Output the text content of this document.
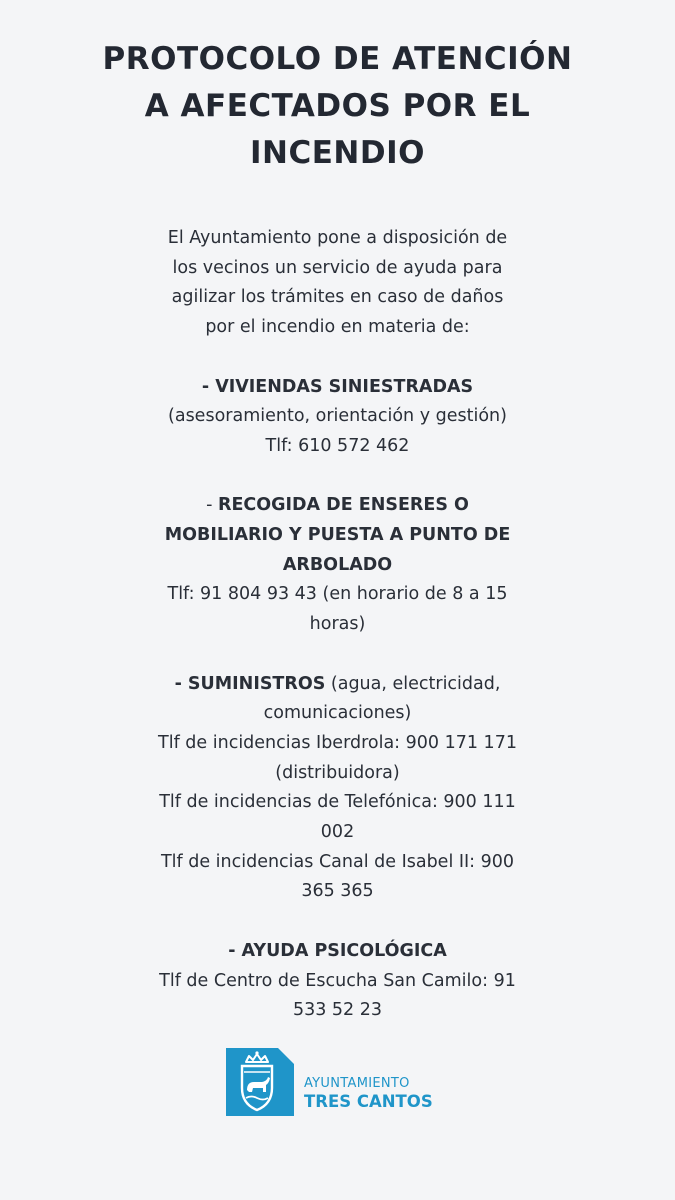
PROTOCOLO DE ATENCIÓN
A AFECTADOS POR EL
INCENDIO
El Ayuntamiento pone a disposición de
los vecinos un servicio de ayuda para
agilizar los trámites en caso de daños
por el incendio en materia de:
- VIVIENDAS SINIESTRADAS
(asesoramiento, orientación y gestión)
Tlf: 610 572 462
- RECOGIDA DE ENSERES O
MOBILIARIO Y PUESTA A PUNTO DE
ARBOLADO
Tlf: 91 804 93 43 (en horario de 8 a 15
horas)
- SUMINISTROS (agua, electricidad,
comunicaciones)
Tlf de incidencias Iberdrola: 900 171 171
(distribuidora)
Tlf de incidencias de Telefónica: 900 111
002
Tlf de incidencias Canal de Isabel II: 900
365 365
- AYUDA PSICOLÓGICA
Tlf de Centro de Escucha San Camilo: 91
533 52 23
AYUNTAMIENTO
TRES CANTOS
